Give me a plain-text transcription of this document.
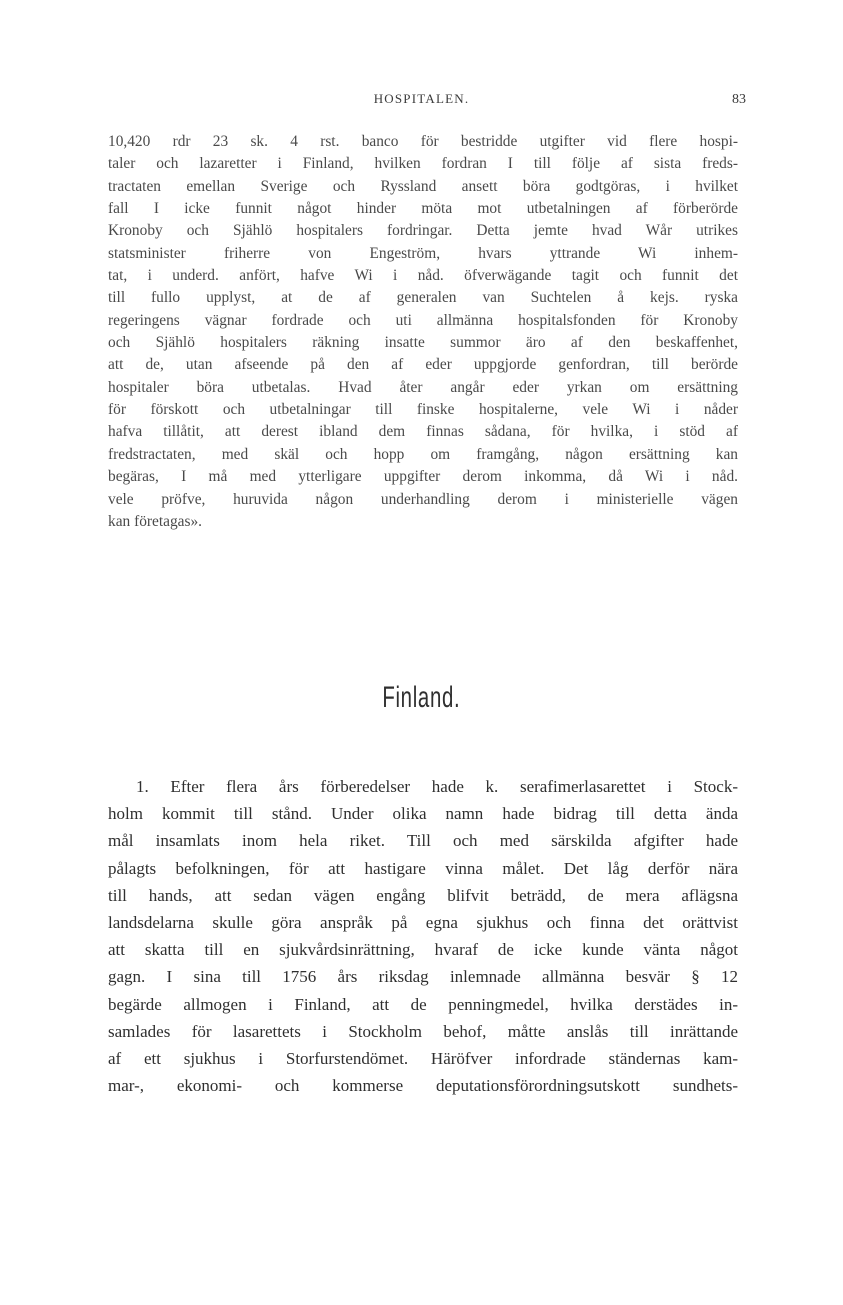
HOSPITALEN.	83
10,420 rdr 23 sk. 4 rst. banco för bestridde utgifter vid flere hospi-
taler och lazaretter i Finland, hvilken fordran I till följe af sista freds-
tractaten emellan Sverige och Ryssland ansett böra godtgöras, i hvilket
fall I icke funnit något hinder möta mot utbetalningen af förberörde
Kronoby och Sjählö hospitalers fordringar. Detta jemte hvad Wår utrikes
statsminister friherre von Engeström, hvars yttrande Wi inhem-
tat, i underd. anfört, hafve Wi i nåd. öfverwägande tagit och funnit det
till fullo upplyst, at de af generalen van Suchtelen å kejs. ryska
regeringens vägnar fordrade och uti allmänna hospitalsfonden för Kronoby
och Sjählö hospitalers räkning insatte summor äro af den beskaffenhet,
att de, utan afseende på den af eder uppgjorde genfordran, till berörde
hospitaler böra utbetalas. Hvad åter angår eder yrkan om ersättning
för förskott och utbetalningar till finske hospitalerne, vele Wi i nåder
hafva tillåtit, att derest ibland dem finnas sådana, för hvilka, i stöd af
fredstractaten, med skäl och hopp om framgång, någon ersättning kan
begäras, I må med ytterligare uppgifter derom inkomma, då Wi i nåd.
vele pröfve, huruvida någon underhandling derom i ministerielle vägen
kan företagas».
Finland.
1. Efter flera års förberedelser hade k. serafimerlasarettet i Stock-
holm kommit till stånd. Under olika namn hade bidrag till detta ända
mål insamlats inom hela riket. Till och med särskilda afgifter hade
pålagts befolkningen, för att hastigare vinna målet. Det låg derför nära
till hands, att sedan vägen engång blifvit beträdd, de mera aflägsna
landsdelarna skulle göra anspråk på egna sjukhus och finna det orättvist
att skatta till en sjukvårdsinrättning, hvaraf de icke kunde vänta något
gagn. I sina till 1756 års riksdag inlemnade allmänna besvär § 12
begärde allmogen i Finland, att de penningmedel, hvilka derstädes in-
samlades för lasarettets i Stockholm behof, måtte anslås till inrättande
af ett sjukhus i Storfurstendömet. Häröfver infordrade ständernas kam-
mar-, ekonomi- och kommerse deputationsförordningsutskott sundhets-
